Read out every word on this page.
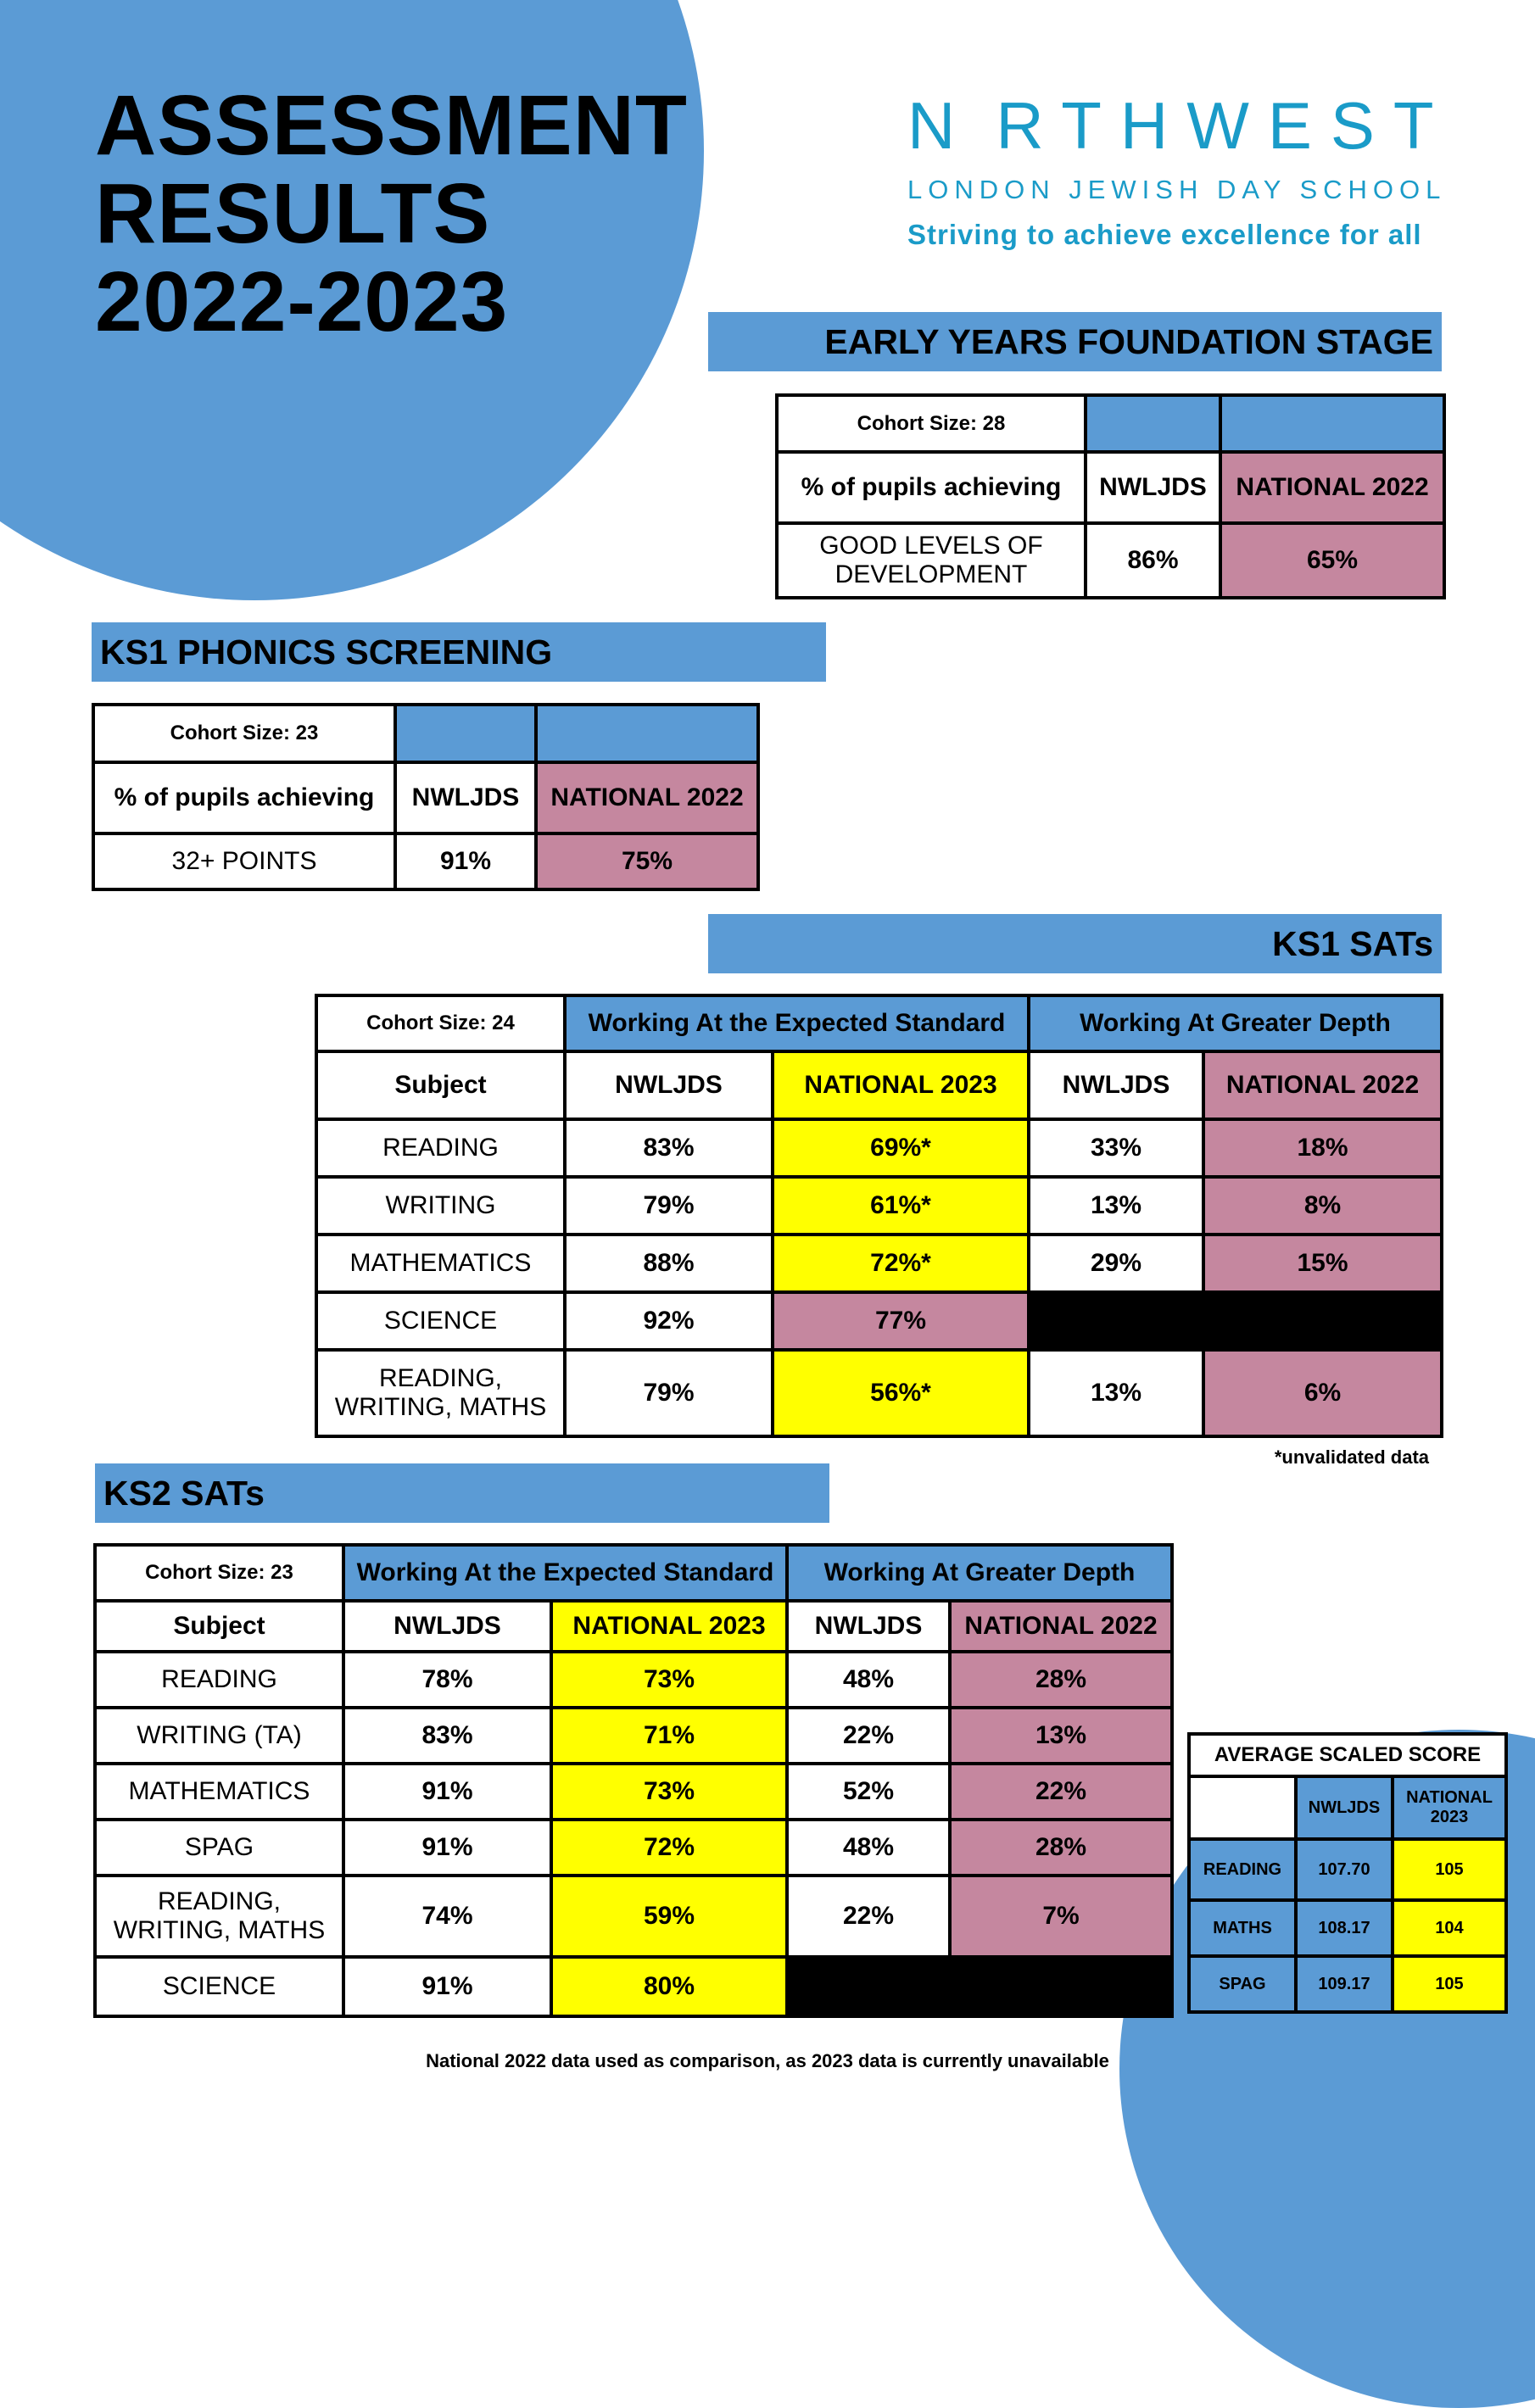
ASSESSMENT
RESULTS
2022-2023
N RTHWEST
LONDON JEWISH DAY SCHOOL
Striving to achieve excellence for all
EARLY YEARS FOUNDATION STAGE
Cohort Size: 28		
% of pupils achieving	NWLJDS	NATIONAL 2022
GOOD LEVELS OF DEVELOPMENT	86%	65%
KS1 PHONICS SCREENING
Cohort Size: 23		
% of pupils achieving	NWLJDS	NATIONAL 2022
32+ POINTS	91%	75%
KS1 SATs
Cohort Size: 24	Working At the Expected Standard		Working At Greater Depth	
Subject	NWLJDS	NATIONAL 2023	NWLJDS	NATIONAL 2022
READING	83%	69%*	33%	18%
WRITING	79%	61%*	13%	8%
MATHEMATICS	88%	72%*	29%	15%
SCIENCE	92%	77%		
READING, WRITING, MATHS	79%	56%*	13%	6%
*unvalidated data
KS2 SATs
Cohort Size: 23	Working At the Expected Standard		Working At Greater Depth	
Subject	NWLJDS	NATIONAL 2023	NWLJDS	NATIONAL 2022
READING	78%	73%	48%	28%
WRITING (TA)	83%	71%	22%	13%
MATHEMATICS	91%	73%	52%	22%
SPAG	91%	72%	48%	28%
READING, WRITING, MATHS	74%	59%	22%	7%
SCIENCE	91%	80%		
AVERAGE SCALED SCORE		
	NWLJDS	NATIONAL 2023
READING	107.70	105
MATHS	108.17	104
SPAG	109.17	105
National 2022 data used as comparison, as 2023 data is currently unavailable
